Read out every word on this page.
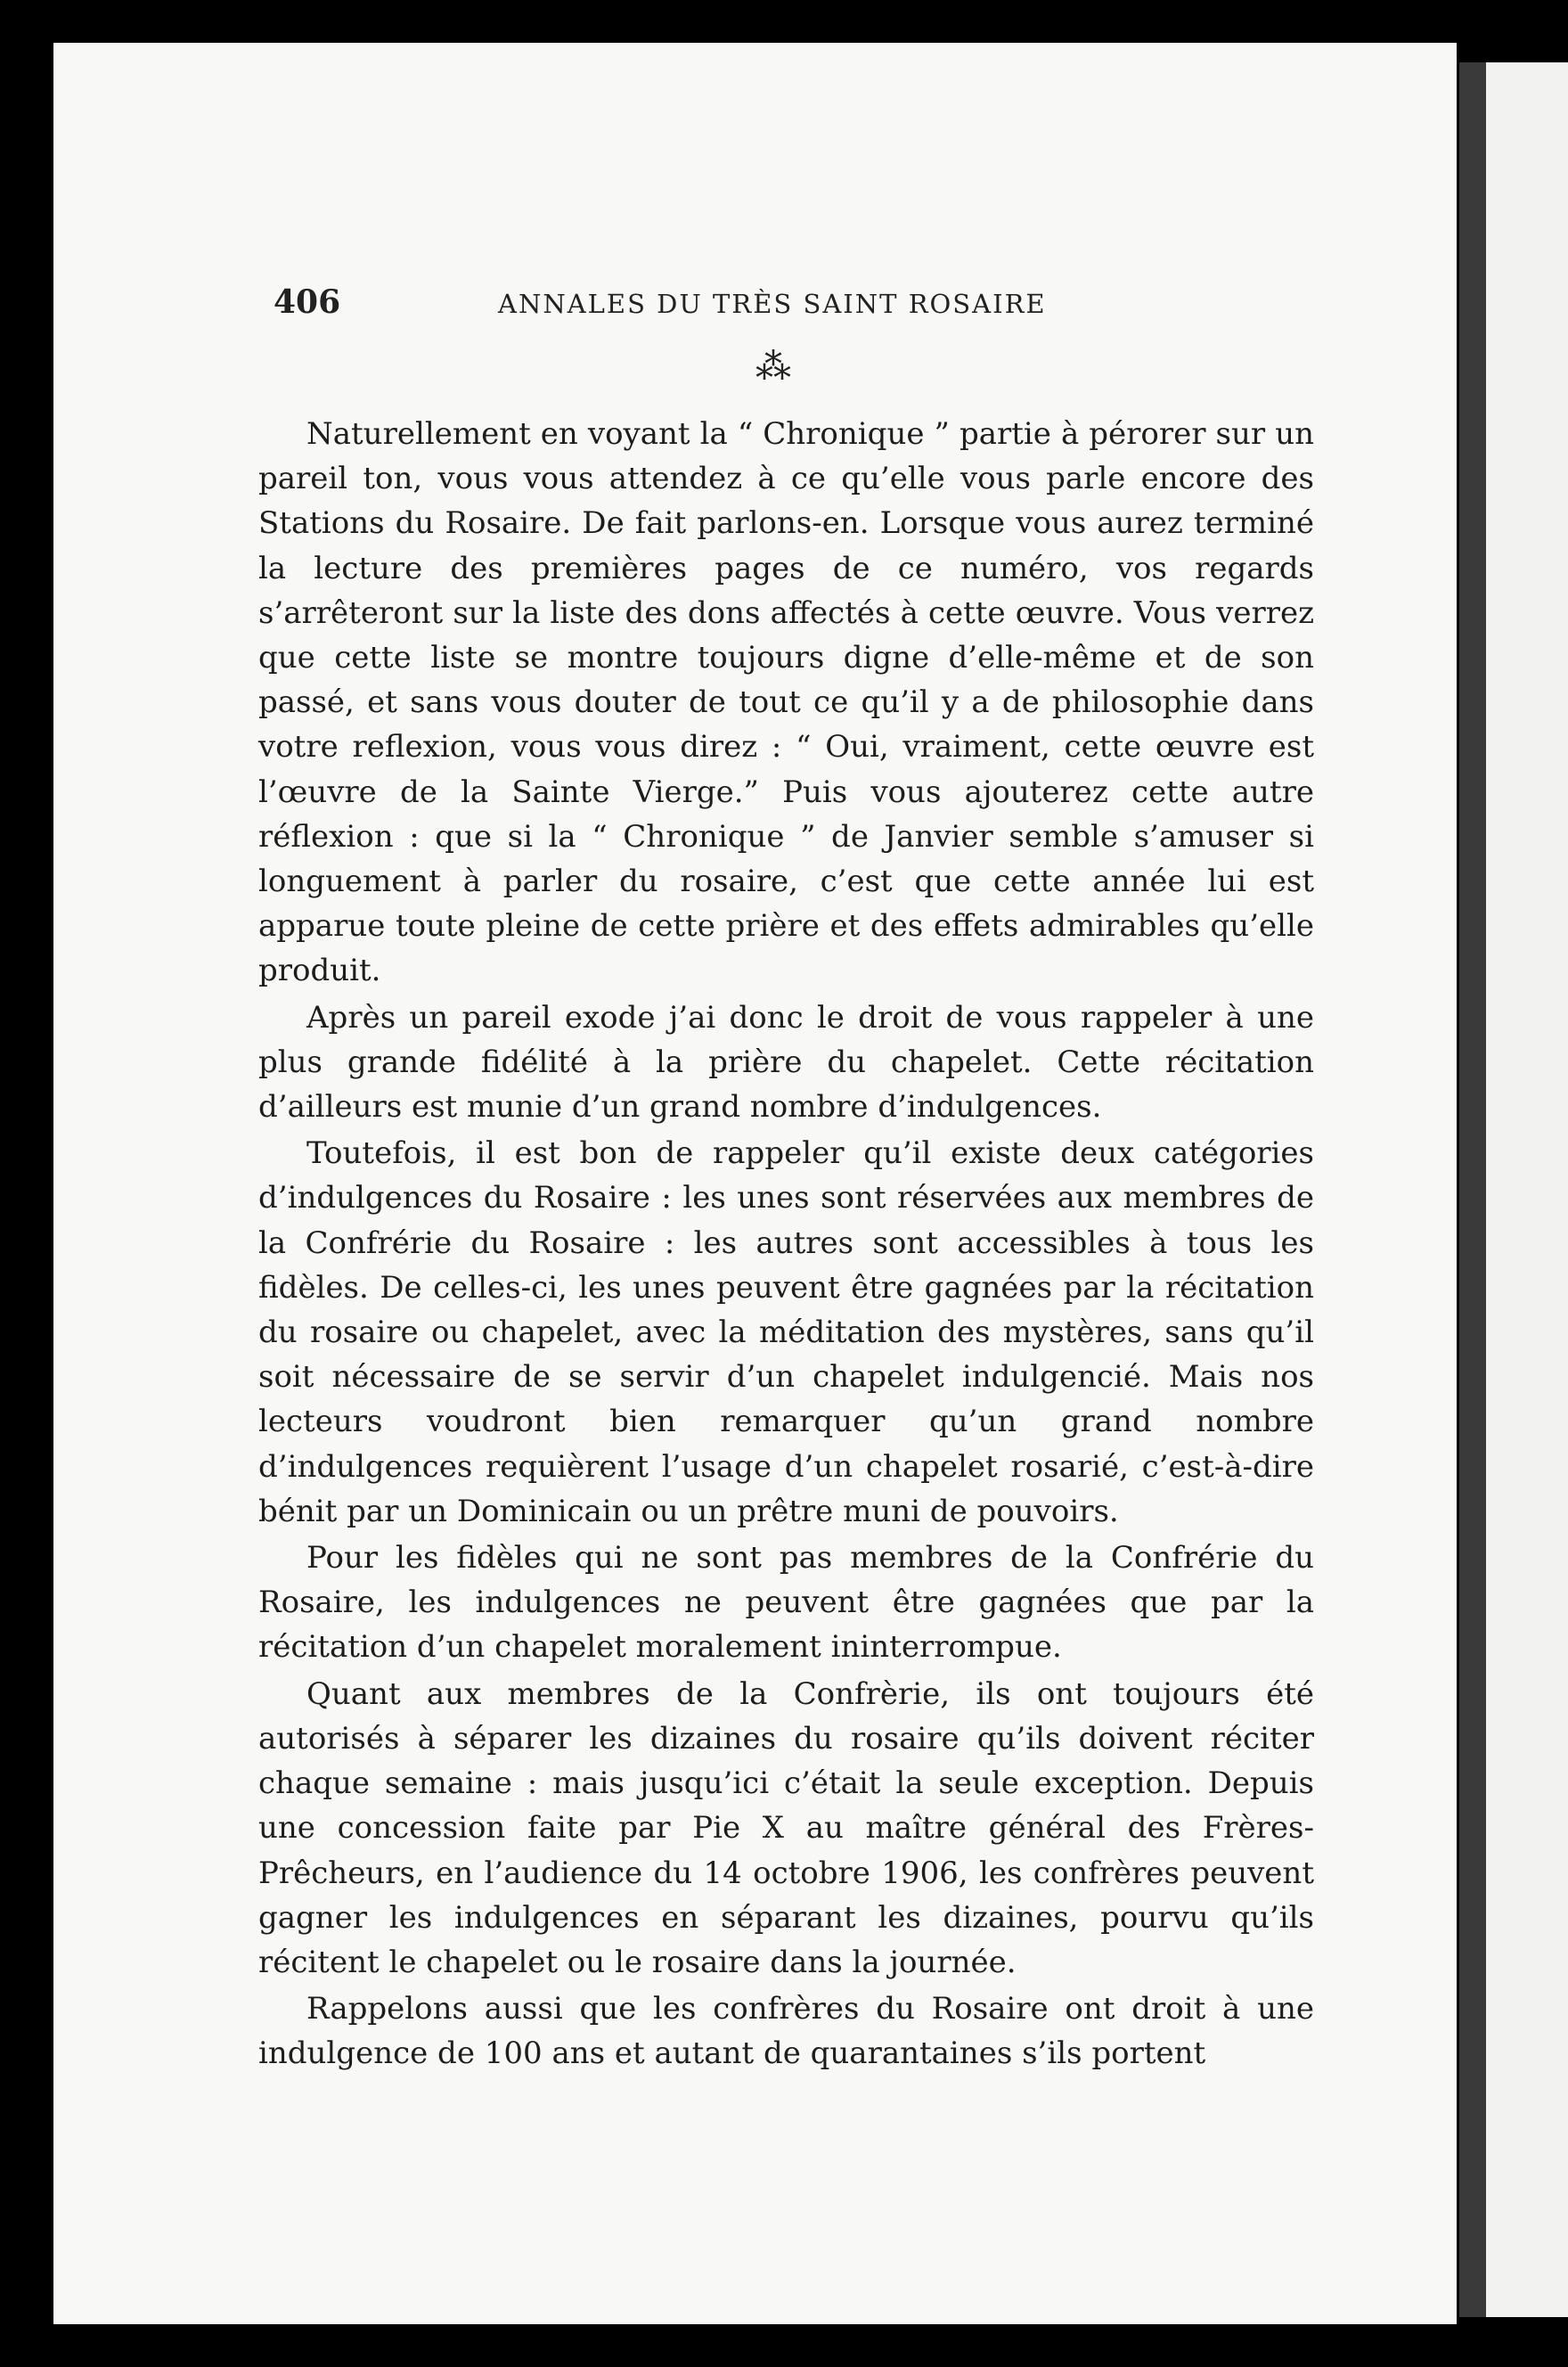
406	ANNALES DU TRÈS SAINT ROSAIRE
⁂

Naturellement en voyant la “ Chronique ” partie à pérorer sur un pareil ton, vous vous attendez à ce qu’elle vous parle encore des Stations du Rosaire. De fait parlons-en. Lorsque vous aurez terminé la lecture des premières pages de ce numéro, vos regards s’arrêteront sur la liste des dons affectés à cette œuvre. Vous verrez que cette liste se montre toujours digne d’elle-même et de son passé, et sans vous douter de tout ce qu’il y a de philosophie dans votre reflexion, vous vous direz : “ Oui, vraiment, cette œuvre est l’œuvre de la Sainte Vierge.” Puis vous ajouterez cette autre réflexion : que si la “ Chronique ” de Janvier semble s’amuser si longuement à parler du rosaire, c’est que cette année lui est apparue toute pleine de cette prière et des effets admirables qu’elle produit.

Après un pareil exode j’ai donc le droit de vous rappeler à une plus grande fidélité à la prière du chapelet. Cette récitation d’ailleurs est munie d’un grand nombre d’indulgences.

Toutefois, il est bon de rappeler qu’il existe deux catégories d’indulgences du Rosaire : les unes sont réservées aux membres de la Confrérie du Rosaire : les autres sont accessibles à tous les fidèles. De celles-ci, les unes peuvent être gagnées par la récitation du rosaire ou chapelet, avec la méditation des mystères, sans qu’il soit nécessaire de se servir d’un chapelet indulgencié. Mais nos lecteurs voudront bien remarquer qu’un grand nombre d’indulgences requièrent l’usage d’un chapelet rosarié, c’est-à-dire bénit par un Dominicain ou un prêtre muni de pouvoirs.

Pour les fidèles qui ne sont pas membres de la Confrérie du Rosaire, les indulgences ne peuvent être gagnées que par la récitation d’un chapelet moralement ininterrompue.

Quant aux membres de la Confrèrie, ils ont toujours été autorisés à séparer les dizaines du rosaire qu’ils doivent réciter chaque semaine : mais jusqu’ici c’était la seule exception. Depuis une concession faite par Pie X au maître général des Frères-Prêcheurs, en l’audience du 14 octobre 1906, les confrères peuvent gagner les indulgences en séparant les dizaines, pourvu qu’ils récitent le chapelet ou le rosaire dans la journée.

Rappelons aussi que les confrères du Rosaire ont droit à une indulgence de 100 ans et autant de quarantaines s’ils portent
